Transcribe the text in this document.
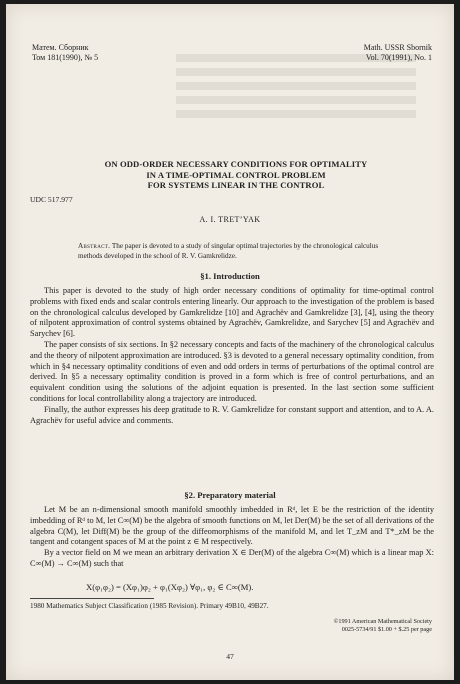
Матем. Сборник
Том 181(1990), № 5
Math. USSR Sbornik
Vol. 70(1991), No. 1
ON ODD-ORDER NECESSARY CONDITIONS FOR OPTIMALITY
IN A TIME-OPTIMAL CONTROL PROBLEM
FOR SYSTEMS LINEAR IN THE CONTROL
UDC 517.977
A. I. TRET’YAK
Abstract. The paper is devoted to a study of singular optimal trajectories by the chronological calculus methods developed in the school of R. V. Gamkrelidze.
§1. Introduction

This paper is devoted to the study of high order necessary conditions of optimality for time-optimal control problems with fixed ends and scalar controls entering linearly. Our approach to the investigation of the problem is based on the chronological calculus developed by Gamkrelidze [10] and Agrachëv and Gamkrelidze [3], [4], using the theory of nilpotent approximation of control systems obtained by Agrachëv, Gamkrelidze, and Sarychev [5] and Agrachëv and Sarychev [6].

The paper consists of six sections. In §2 necessary concepts and facts of the machinery of the chronological calculus and the theory of nilpotent approximation are introduced. §3 is devoted to a general necessary optimality condition, from which in §4 necessary optimality conditions of even and odd orders in terms of perturbations of the optimal control are derived. In §5 a necessary optimality condition is proved in a form which is free of control perturbations, and an equivalent condition using the solutions of the adjoint equation is presented. In the last section some sufficient conditions for local controllability along a trajectory are introduced.

Finally, the author expresses his deep gratitude to R. V. Gamkrelidze for constant support and attention, and to A. A. Agrachëv for useful advice and comments.

§2. Preparatory material

Let M be an n-dimensional smooth manifold smoothly imbedded in Rᵈ, let E be the restriction of the identity imbedding of Rᵈ to M, let C∞(M) be the algebra of smooth functions on M, let Der(M) be the set of all derivations of the algebra C(M), let Diff(M) be the group of the diffeomorphisms of the manifold M, and let T_zM and T*_zM be the tangent and cotangent spaces of M at the point z ∈ M respectively.

By a vector field on M we mean an arbitrary derivation X ∈ Der(M) of the algebra C∞(M) which is a linear map X: C∞(M) → C∞(M) such that

X(φ₁φ₂) = (Xφ₁)φ₂ + φ₁(Xφ₂) ∀φ₁, φ₂ ∈ C∞(M).
1980 Mathematics Subject Classification (1985 Revision). Primary 49B10, 49B27.
©1991 American Mathematical Society
0025-5734/91 $1.00 + $.25 per page
47
